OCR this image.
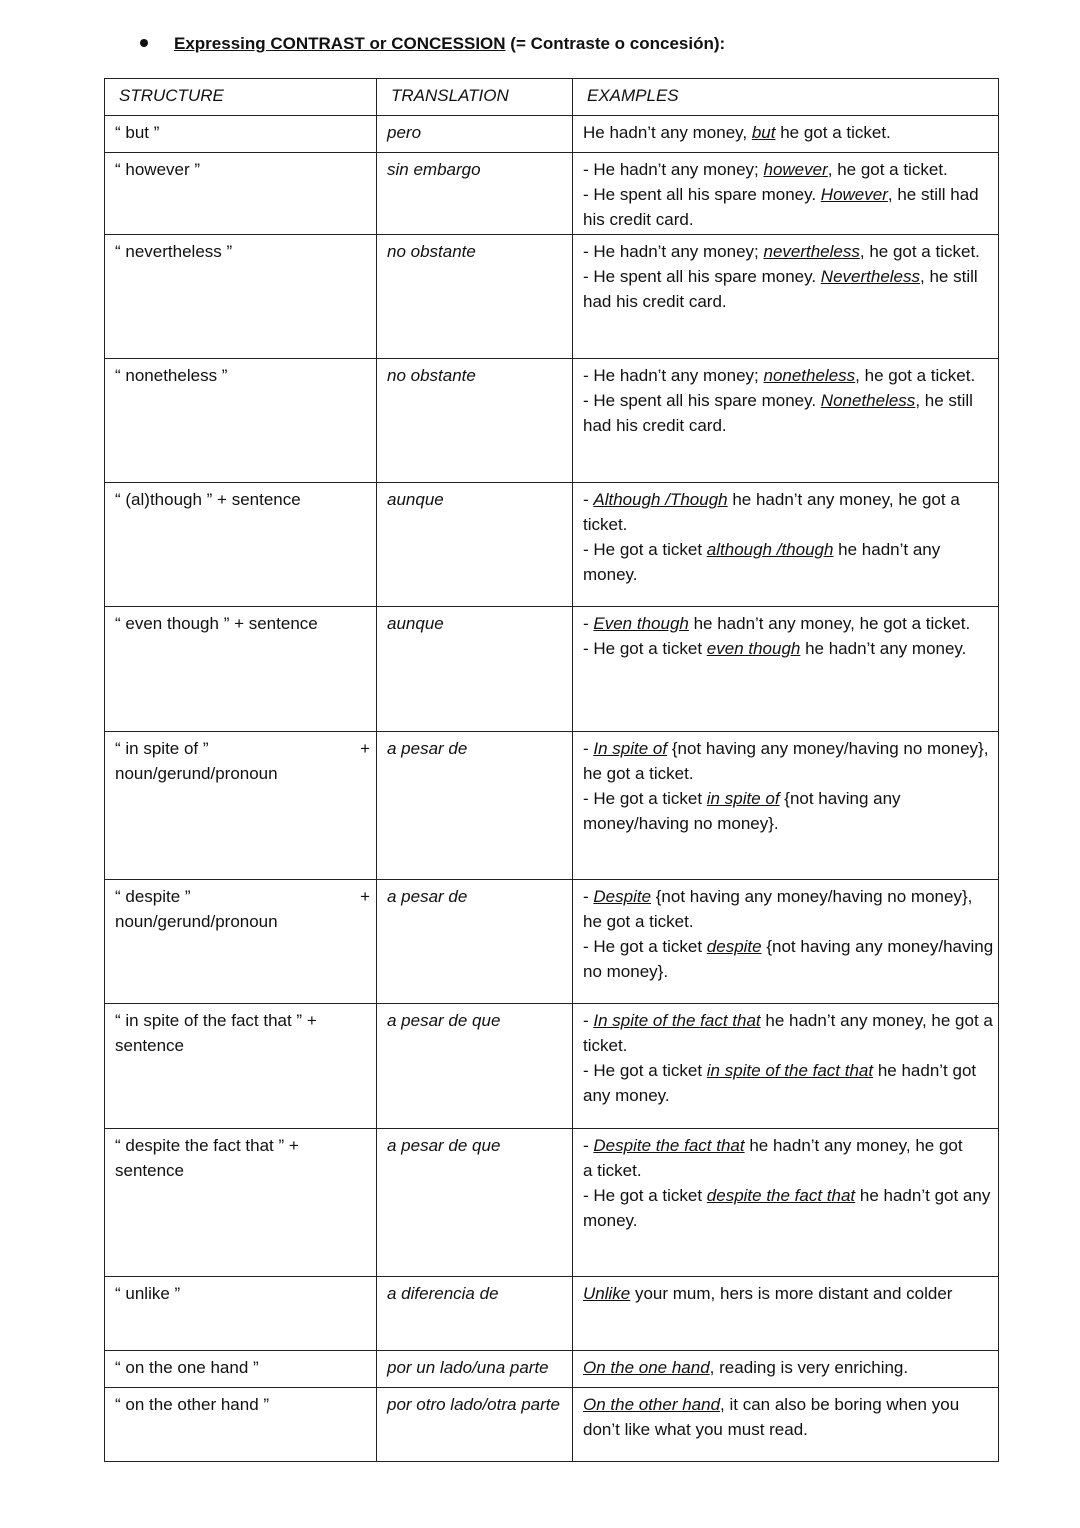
Expressing CONTRAST or CONCESSION (= Contraste o concesión):
STRUCTURE	TRANSLATION	EXAMPLES
“ but ”	pero	He hadn’t any money, but he got a ticket.

“ however ”	sin embargo	- He hadn’t any money; however, he got a ticket.
- He spent all his spare money. However, he still had his credit card.

“ nevertheless ”	no obstante	- He hadn’t any money; nevertheless, he got a ticket.
- He spent all his spare money. Nevertheless, he still had his credit card.

“ nonetheless ”	no obstante	- He hadn’t any money; nonetheless, he got a ticket.
- He spent all his spare money. Nonetheless, he still had his credit card.

“ (al)though ” + sentence	aunque	- Although /Though he hadn’t any money, he got a ticket.
- He got a ticket although /though he hadn’t any money.

“ even though ” + sentence	aunque	- Even though he hadn’t any money, he got a ticket.
- He got a ticket even though he hadn’t any money.

“ in spite of ” +
noun/gerund/pronoun	a pesar de	- In spite of {not having any money/having no money}, he got a ticket.
- He got a ticket in spite of {not having any money/having no money}.

“ despite ” +
noun/gerund/pronoun	a pesar de	- Despite {not having any money/having no money}, he got a ticket.
- He got a ticket despite {not having any money/having no money}.

“ in spite of the fact that ” + sentence	a pesar de que	- In spite of the fact that he hadn’t any money, he got a ticket.
- He got a ticket in spite of the fact that he hadn’t got any money.

“ despite the fact that ” + sentence	a pesar de que	- Despite the fact that he hadn’t any money, he got
a ticket.
- He got a ticket despite the fact that he hadn’t got any money.

“ unlike ”	a diferencia de	Unlike your mum, hers is more distant and colder

“ on the one hand ”	por un lado/una parte	On the one hand, reading is very enriching.

“ on the other hand ”	por otro lado/otra parte	On the other hand, it can also be boring when you don’t like what you must read.
